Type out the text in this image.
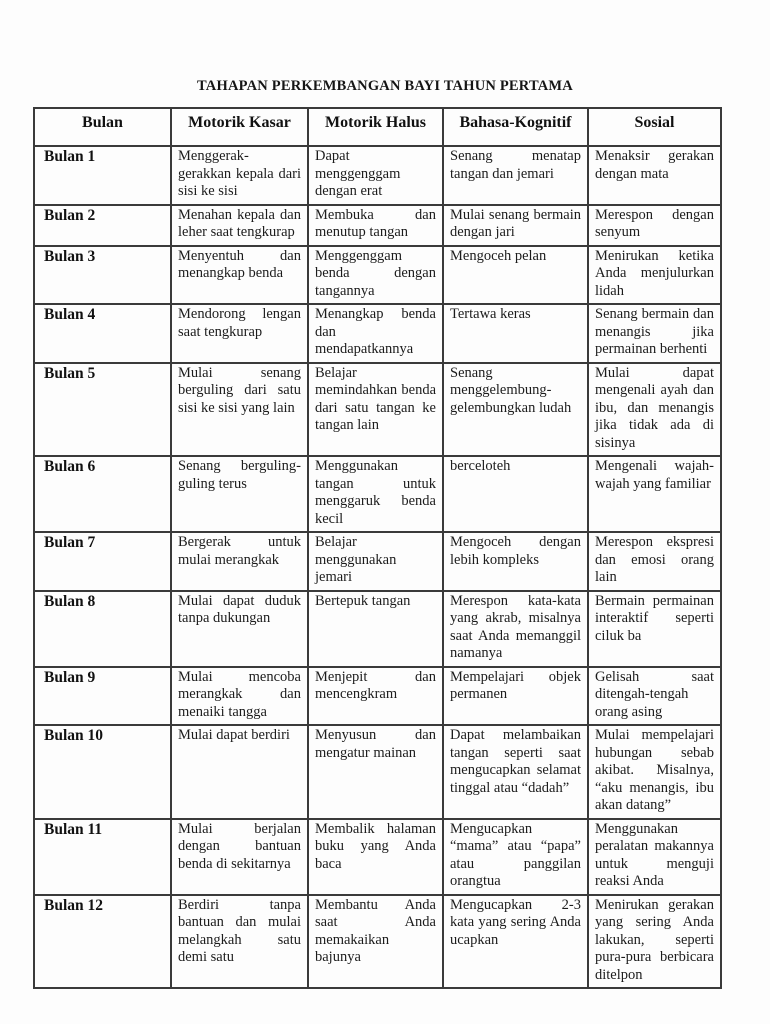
TAHAPAN PERKEMBANGAN BAYI TAHUN PERTAMA
Bulan	Motorik Kasar	Motorik Halus	Bahasa-Kognitif	Sosial
Bulan 1	Menggerak-gerakkan kepala dari sisi ke sisi	Dapat menggenggam dengan erat	Senang menatap tangan dan jemari	Menaksir gerakan dengan mata
Bulan 2	Menahan kepala dan leher saat tengkurap	Membuka dan menutup tangan	Mulai senang bermain dengan jari	Merespon dengan senyum
Bulan 3	Menyentuh dan menangkap benda	Menggenggam benda dengan tangannya	Mengoceh pelan	Menirukan ketika Anda menjulurkan lidah
Bulan 4	Mendorong lengan saat tengkurap	Menangkap benda dan mendapatkannya	Tertawa keras	Senang bermain dan menangis jika permainan berhenti
Bulan 5	Mulai senang berguling dari satu sisi ke sisi yang lain	Belajar memindahkan benda dari satu tangan ke tangan lain	Senang menggelembung-gelembungkan ludah	Mulai dapat mengenali ayah dan ibu, dan menangis jika tidak ada di sisinya
Bulan 6	Senang berguling-guling terus	Menggunakan tangan untuk menggaruk benda kecil	berceloteh	Mengenali wajah-wajah yang familiar
Bulan 7	Bergerak untuk mulai merangkak	Belajar menggunakan jemari	Mengoceh dengan lebih kompleks	Merespon ekspresi dan emosi orang lain
Bulan 8	Mulai dapat duduk tanpa dukungan	Bertepuk tangan	Merespon kata-kata yang akrab, misalnya saat Anda memanggil namanya	Bermain permainan interaktif seperti ciluk ba
Bulan 9	Mulai mencoba merangkak dan menaiki tangga	Menjepit dan mencengkram	Mempelajari objek permanen	Gelisah saat ditengah-tengah orang asing
Bulan 10	Mulai dapat berdiri	Menyusun dan mengatur mainan	Dapat melambaikan tangan seperti saat mengucapkan selamat tinggal atau “dadah”	Mulai mempelajari hubungan sebab akibat. Misalnya, “aku menangis, ibu akan datang”
Bulan 11	Mulai berjalan dengan bantuan benda di sekitarnya	Membalik halaman buku yang Anda baca	Mengucapkan “mama” atau “papa” atau panggilan orangtua	Menggunakan peralatan makannya untuk menguji reaksi Anda
Bulan 12	Berdiri tanpa bantuan dan mulai melangkah satu demi satu	Membantu Anda saat Anda memakaikan bajunya	Mengucapkan 2-3 kata yang sering Anda ucapkan	Menirukan gerakan yang sering Anda lakukan, seperti pura-pura berbicara ditelpon
